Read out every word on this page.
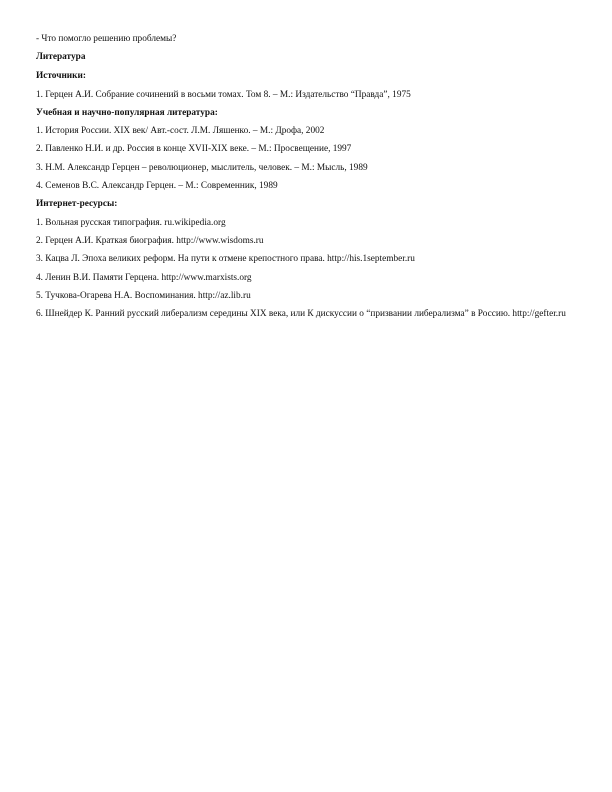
- Что помогло решению проблемы?

Литература

Источники:

1. Герцен А.И. Собрание сочинений в восьми томах. Том 8. – М.: Издательство “Правда”, 1975

Учебная и научно-популярная литература:

1. История России. XIX век/ Авт.-сост. Л.М. Ляшенко. – М.: Дрофа, 2002

2. Павленко Н.И. и др. Россия в конце XVII-XIX веке. – М.: Просвещение, 1997

3. Н.М. Александр Герцен – революционер, мыслитель, человек. – М.: Мысль, 1989

4. Семенов В.С. Александр Герцен. – М.: Современник, 1989

Интернет-ресурсы:

1. Вольная русская типография. ru.wikipedia.org

2. Герцен А.И. Краткая биография. http://www.wisdoms.ru

3. Кацва Л. Эпоха великих реформ. На пути к отмене крепостного права. http://his.1september.ru

4. Ленин В.И. Памяти Герцена. http://www.marxists.org

5. Тучкова-Огарева Н.А. Воспоминания. http://az.lib.ru

6. Шнейдер К. Ранний русский либерализм середины XIX века, или К дискуссии о “призвании либерализма” в Россию. http://gefter.ru
